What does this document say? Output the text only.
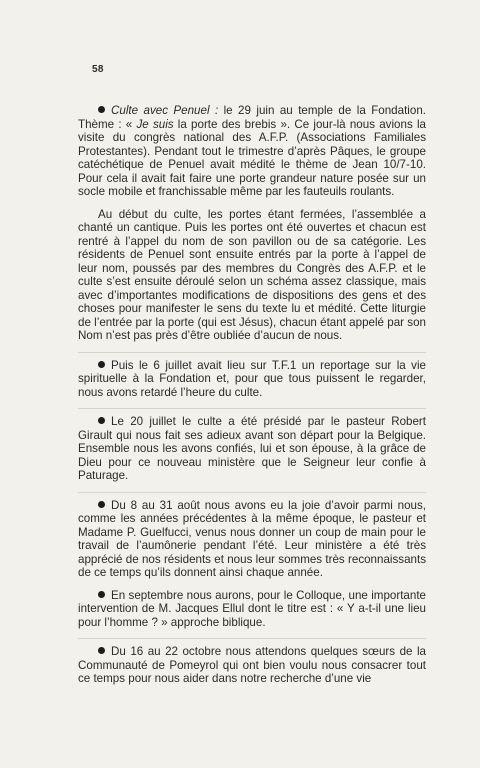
58

Culte avec Penuel : le 29 juin au temple de la Fondation. Thème : « Je suis la porte des brebis ». Ce jour-là nous avions la visite du congrès national des A.F.P. (Associations Familiales Protestantes). Pendant tout le trimestre d’après Pâques, le groupe catéchétique de Penuel avait médité le thème de Jean 10/7-10. Pour cela il avait fait faire une porte grandeur nature posée sur un socle mobile et franchissable même par les fauteuils roulants.

Au début du culte, les portes étant fermées, l’assemblée a chanté un cantique. Puis les portes ont été ouvertes et chacun est rentré à l’appel du nom de son pavillon ou de sa catégorie. Les résidents de Penuel sont ensuite entrés par la porte à l’appel de leur nom, poussés par des membres du Congrès des A.F.P. et le culte s’est ensuite déroulé selon un schéma assez classique, mais avec d’importantes modifications de dispositions des gens et des choses pour manifester le sens du texte lu et médité. Cette liturgie de l’entrée par la porte (qui est Jésus), chacun étant appelé par son Nom n’est pas près d’être oubliée d’aucun de nous.

Puis le 6 juillet avait lieu sur T.F.1 un reportage sur la vie spirituelle à la Fondation et, pour que tous puissent le regarder, nous avons retardé l’heure du culte.

Le 20 juillet le culte a été présidé par le pasteur Robert Girault qui nous fait ses adieux avant son départ pour la Belgique. Ensemble nous les avons confiés, lui et son épouse, à la grâce de Dieu pour ce nouveau ministère que le Seigneur leur confie à Paturage.

Du 8 au 31 août nous avons eu la joie d’avoir parmi nous, comme les années précédentes à la même époque, le pasteur et Madame P. Guelfucci, venus nous donner un coup de main pour le travail de l’aumônerie pendant l’été. Leur ministère a été très apprécié de nos résidents et nous leur sommes très reconnaissants de ce temps qu’ils donnent ainsi chaque année.

En septembre nous aurons, pour le Colloque, une importante intervention de M. Jacques Ellul dont le titre est : « Y a-t-il une lieu pour l’homme ? » approche biblique.

Du 16 au 22 octobre nous attendons quelques sœurs de la Communauté de Pomeyrol qui ont bien voulu nous consacrer tout ce temps pour nous aider dans notre recherche d’une vie
